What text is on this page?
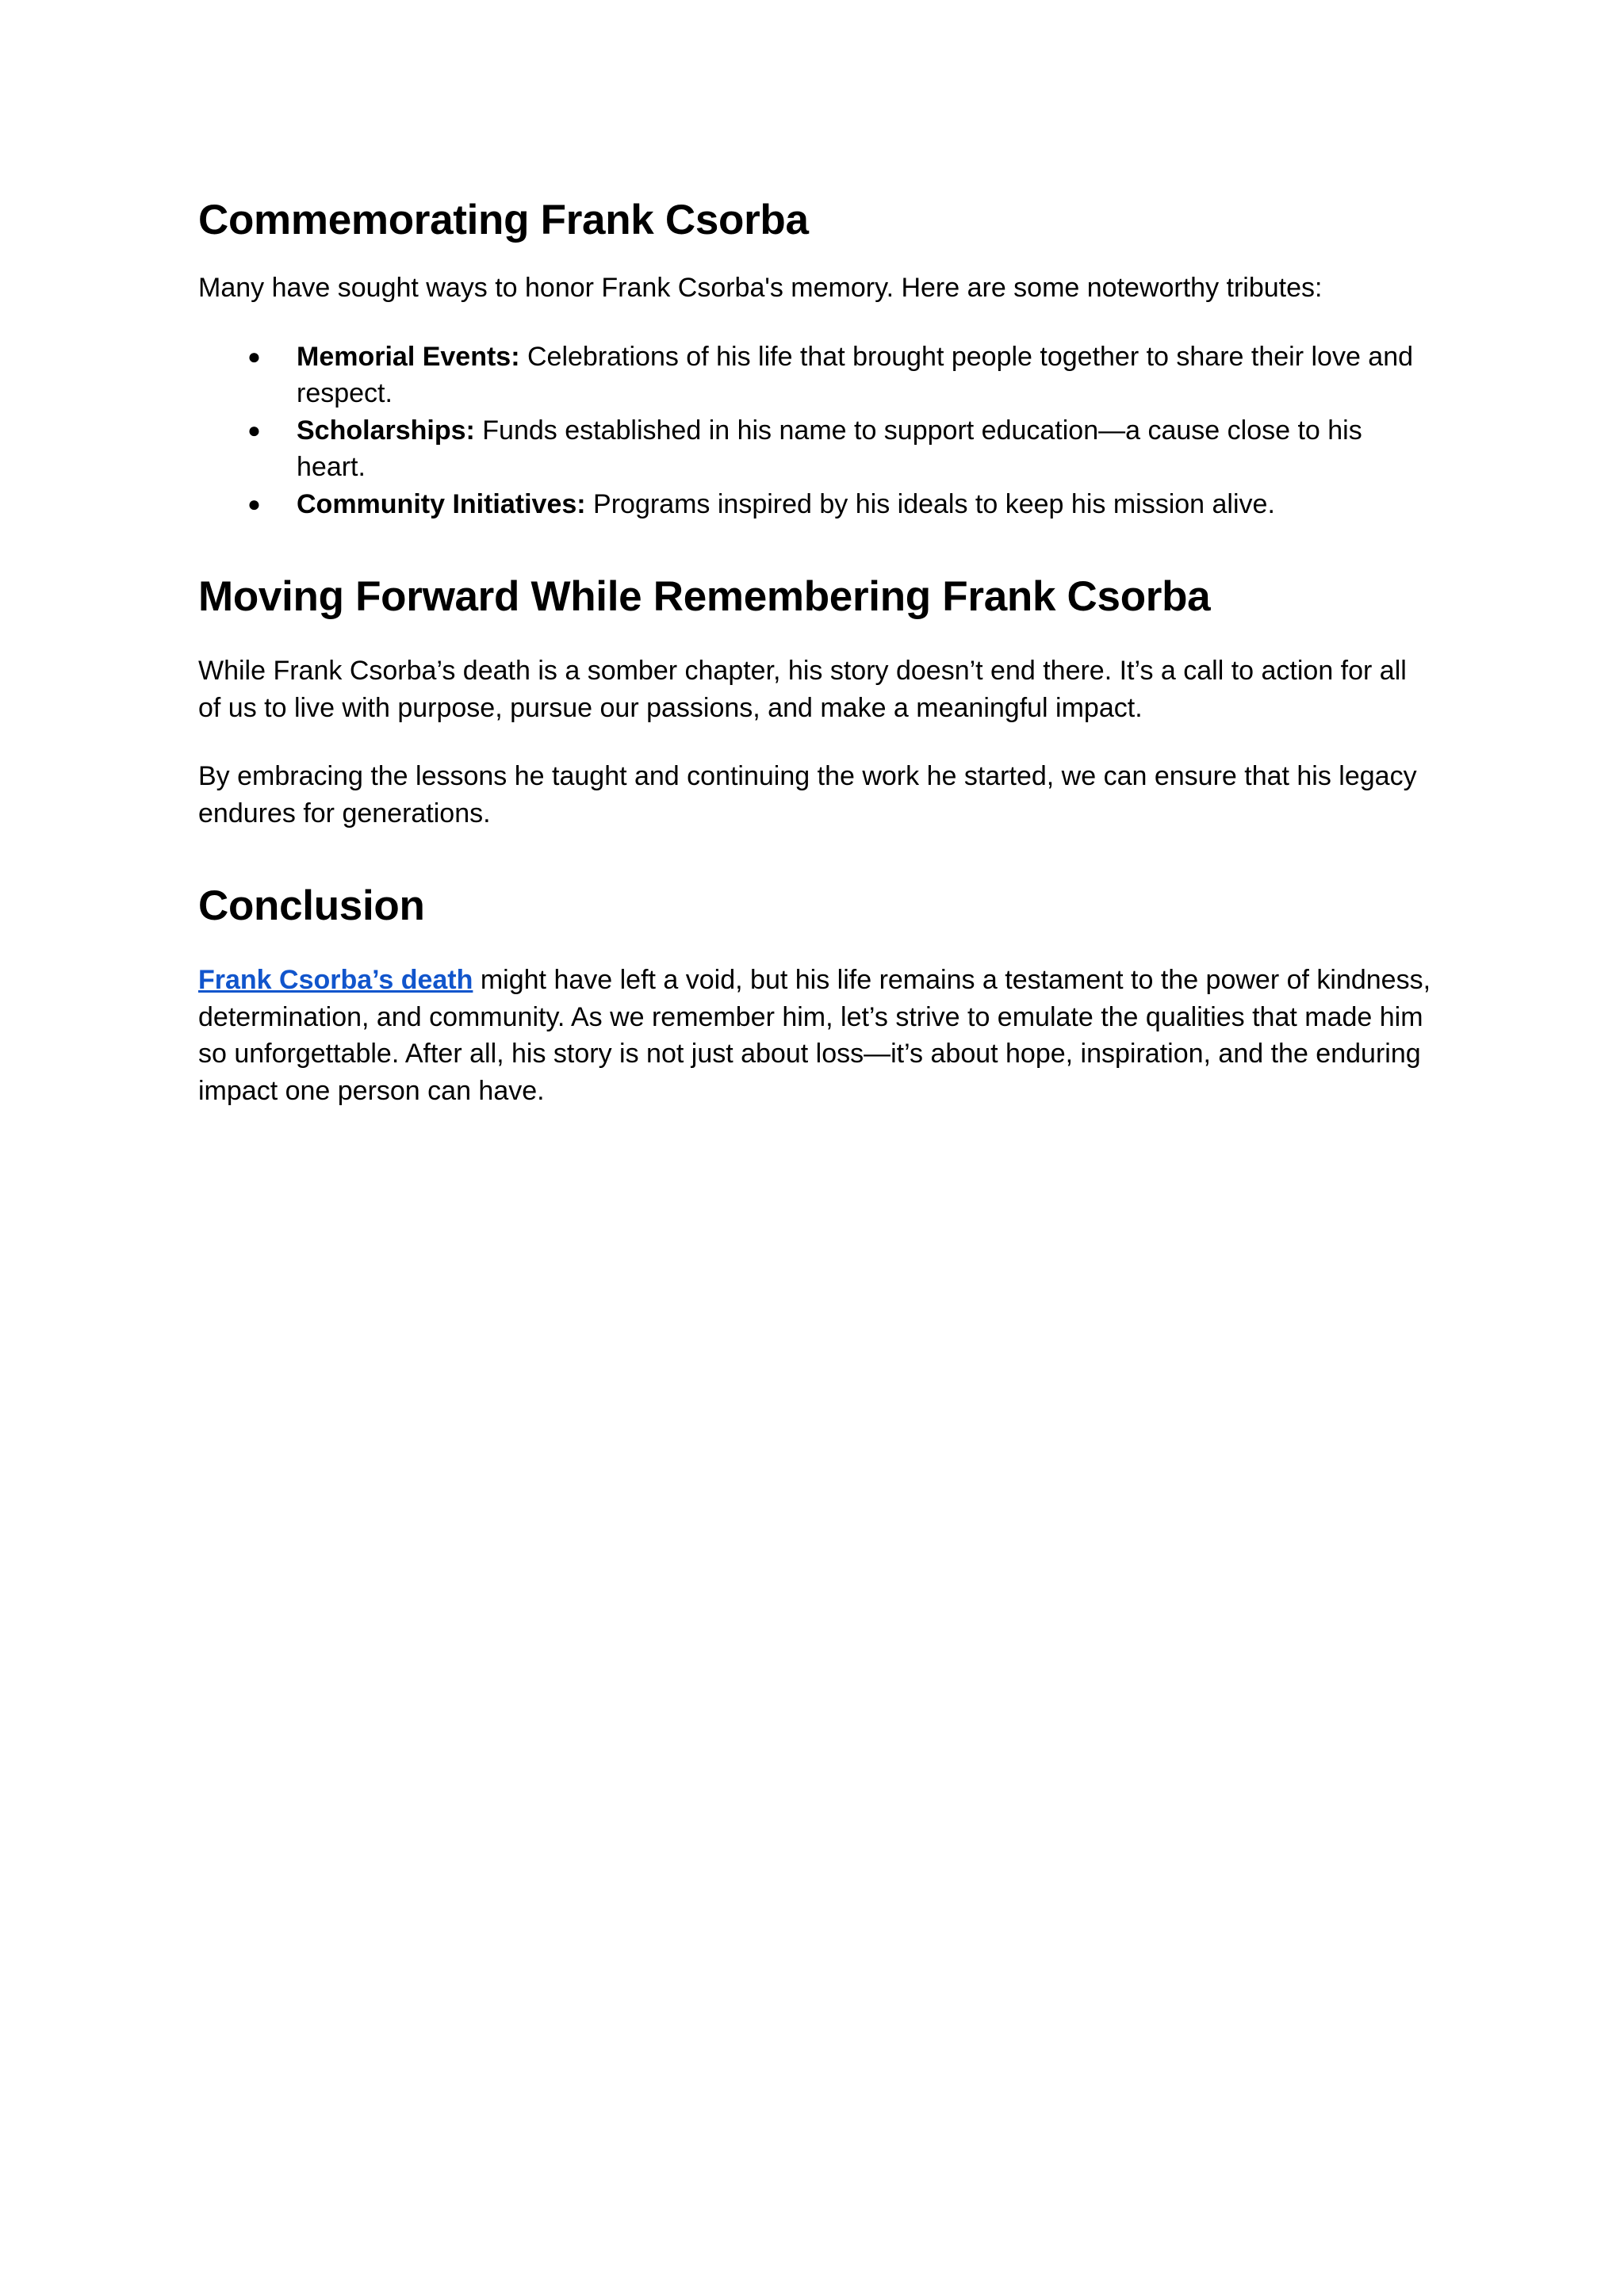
Commemorating Frank Csorba

Many have sought ways to honor Frank Csorba's memory. Here are some noteworthy tributes:

● Memorial Events: Celebrations of his life that brought people together to share their love and respect.
● Scholarships: Funds established in his name to support education—a cause close to his heart.
● Community Initiatives: Programs inspired by his ideals to keep his mission alive.
Moving Forward While Remembering Frank Csorba

While Frank Csorba’s death is a somber chapter, his story doesn’t end there. It’s a call to action for all of us to live with purpose, pursue our passions, and make a meaningful impact.

By embracing the lessons he taught and continuing the work he started, we can ensure that his legacy endures for generations.

Conclusion

Frank Csorba’s death might have left a void, but his life remains a testament to the power of kindness, determination, and community. As we remember him, let’s strive to emulate the qualities that made him so unforgettable. After all, his story is not just about loss—it’s about hope, inspiration, and the enduring impact one person can have.
